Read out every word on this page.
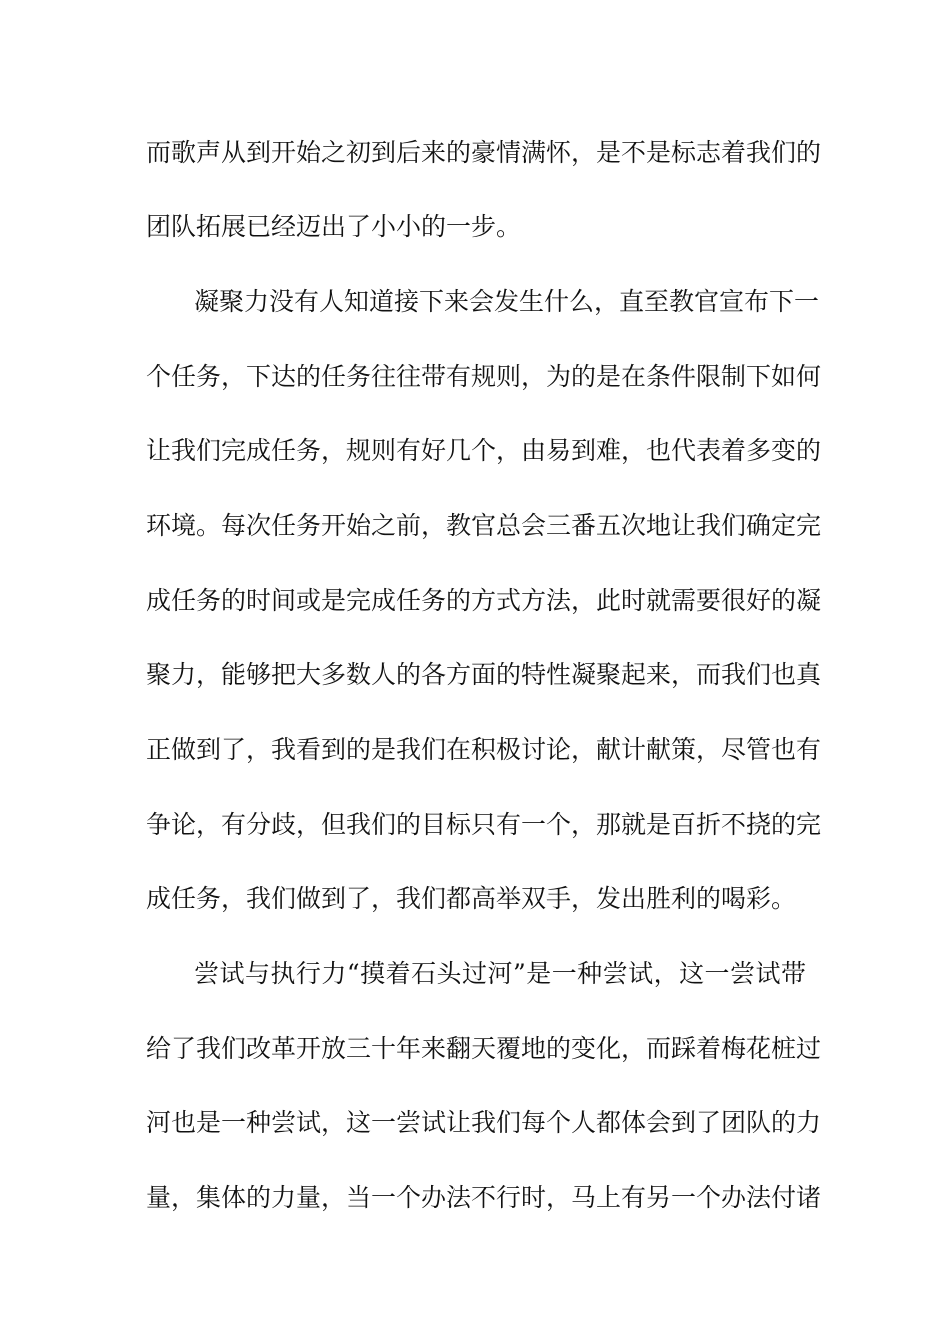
而歌声从到开始之初到后来的豪情满怀，是不是标志着我们的
团队拓展已经迈出了小小的一步。
凝聚力没有人知道接下来会发生什么，直至教官宣布下一
个任务，下达的任务往往带有规则，为的是在条件限制下如何
让我们完成任务，规则有好几个，由易到难，也代表着多变的
环境。每次任务开始之前，教官总会三番五次地让我们确定完
成任务的时间或是完成任务的方式方法，此时就需要很好的凝
聚力，能够把大多数人的各方面的特性凝聚起来，而我们也真
正做到了，我看到的是我们在积极讨论，献计献策，尽管也有
争论，有分歧，但我们的目标只有一个，那就是百折不挠的完
成任务，我们做到了，我们都高举双手，发出胜利的喝彩。
尝试与执行力“摸着石头过河”是一种尝试，这一尝试带
给了我们改革开放三十年来翻天覆地的变化，而踩着梅花桩过
河也是一种尝试，这一尝试让我们每个人都体会到了团队的力
量，集体的力量，当一个办法不行时，马上有另一个办法付诸
